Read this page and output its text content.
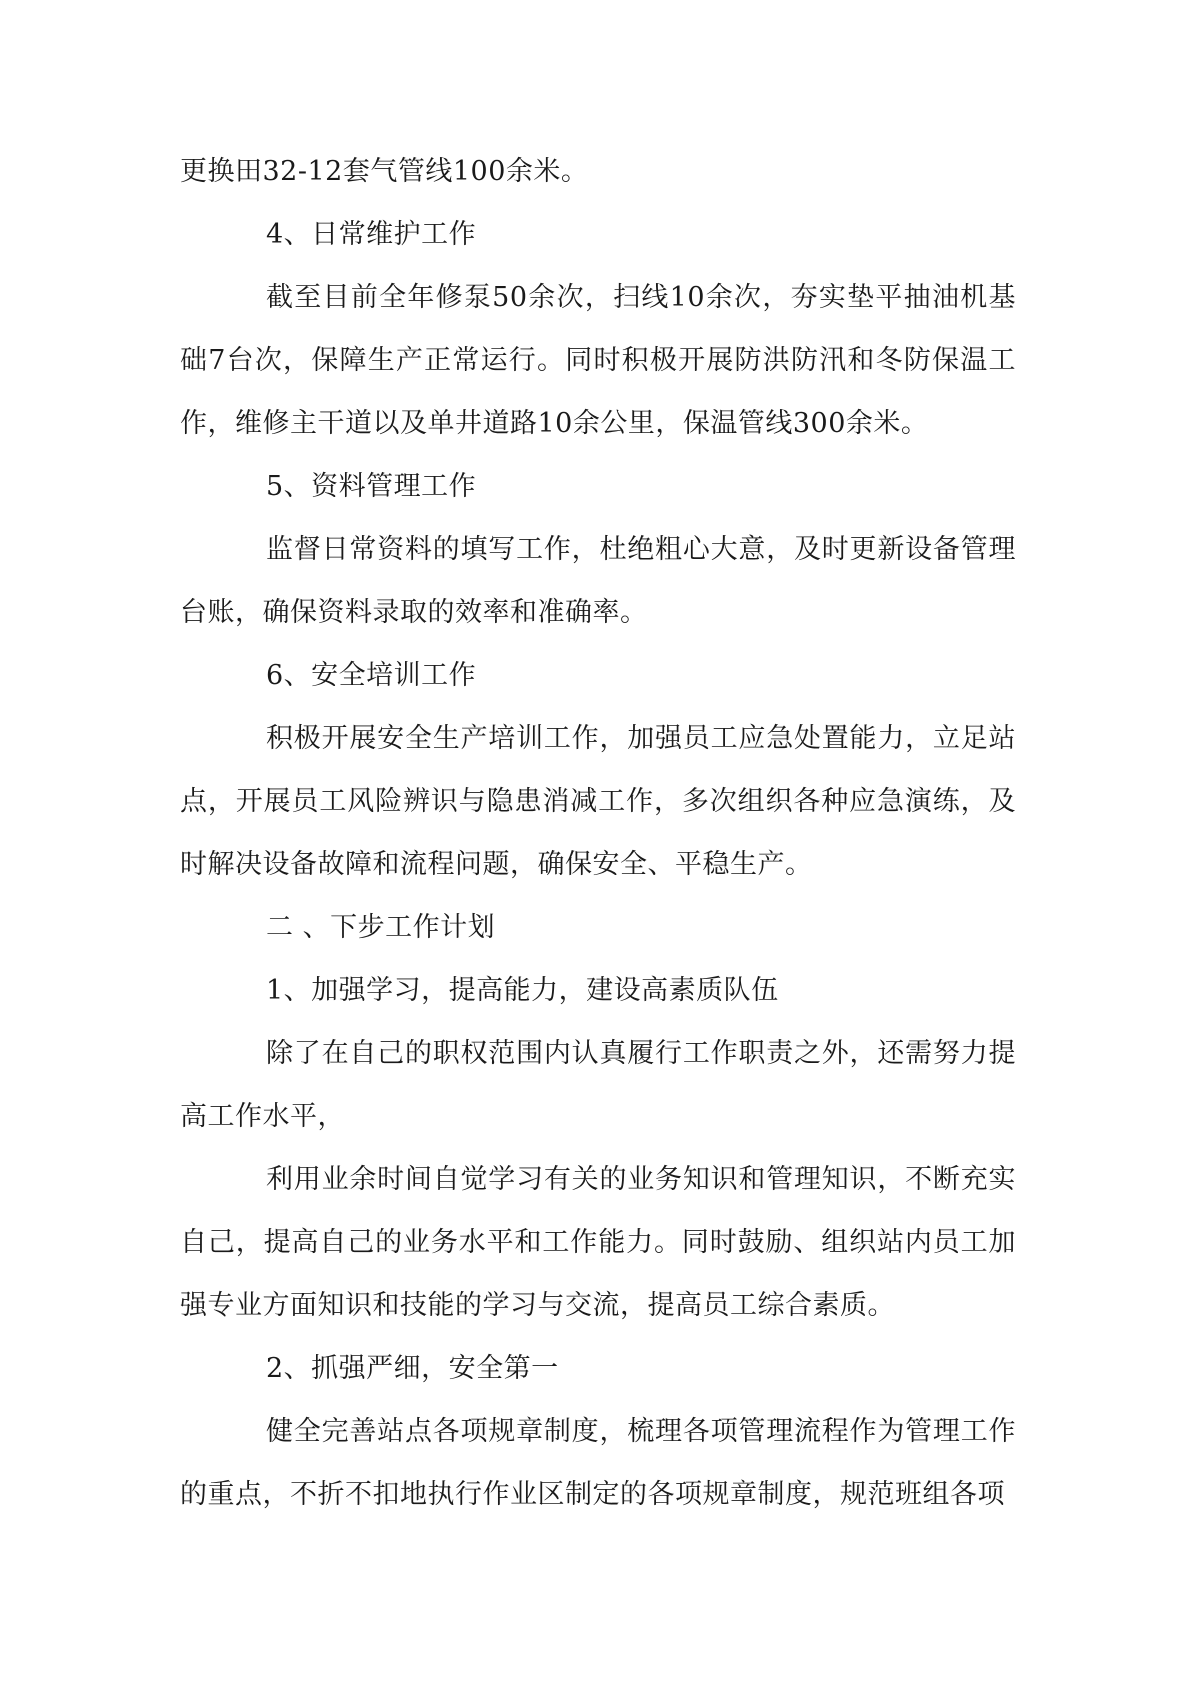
更换田32-12套气管线100余米。

4、日常维护工作

截至目前全年修泵50余次，扫线10余次，夯实垫平抽油机基础7台次，保障生产正常运行。同时积极开展防洪防汛和冬防保温工作，维修主干道以及单井道路10余公里，保温管线300余米。

5、资料管理工作

监督日常资料的填写工作，杜绝粗心大意，及时更新设备管理台账，确保资料录取的效率和准确率。

6、安全培训工作

积极开展安全生产培训工作，加强员工应急处置能力，立足站点，开展员工风险辨识与隐患消减工作，多次组织各种应急演练，及时解决设备故障和流程问题，确保安全、平稳生产。

二 、下步工作计划

1、加强学习，提高能力，建设高素质队伍

除了在自己的职权范围内认真履行工作职责之外，还需努力提高工作水平，

利用业余时间自觉学习有关的业务知识和管理知识，不断充实自己，提高自己的业务水平和工作能力。同时鼓励、组织站内员工加强专业方面知识和技能的学习与交流，提高员工综合素质。

2、抓强严细，安全第一

健全完善站点各项规章制度，梳理各项管理流程作为管理工作的重点，不折不扣地执行作业区制定的各项规章制度，规范班组各项
